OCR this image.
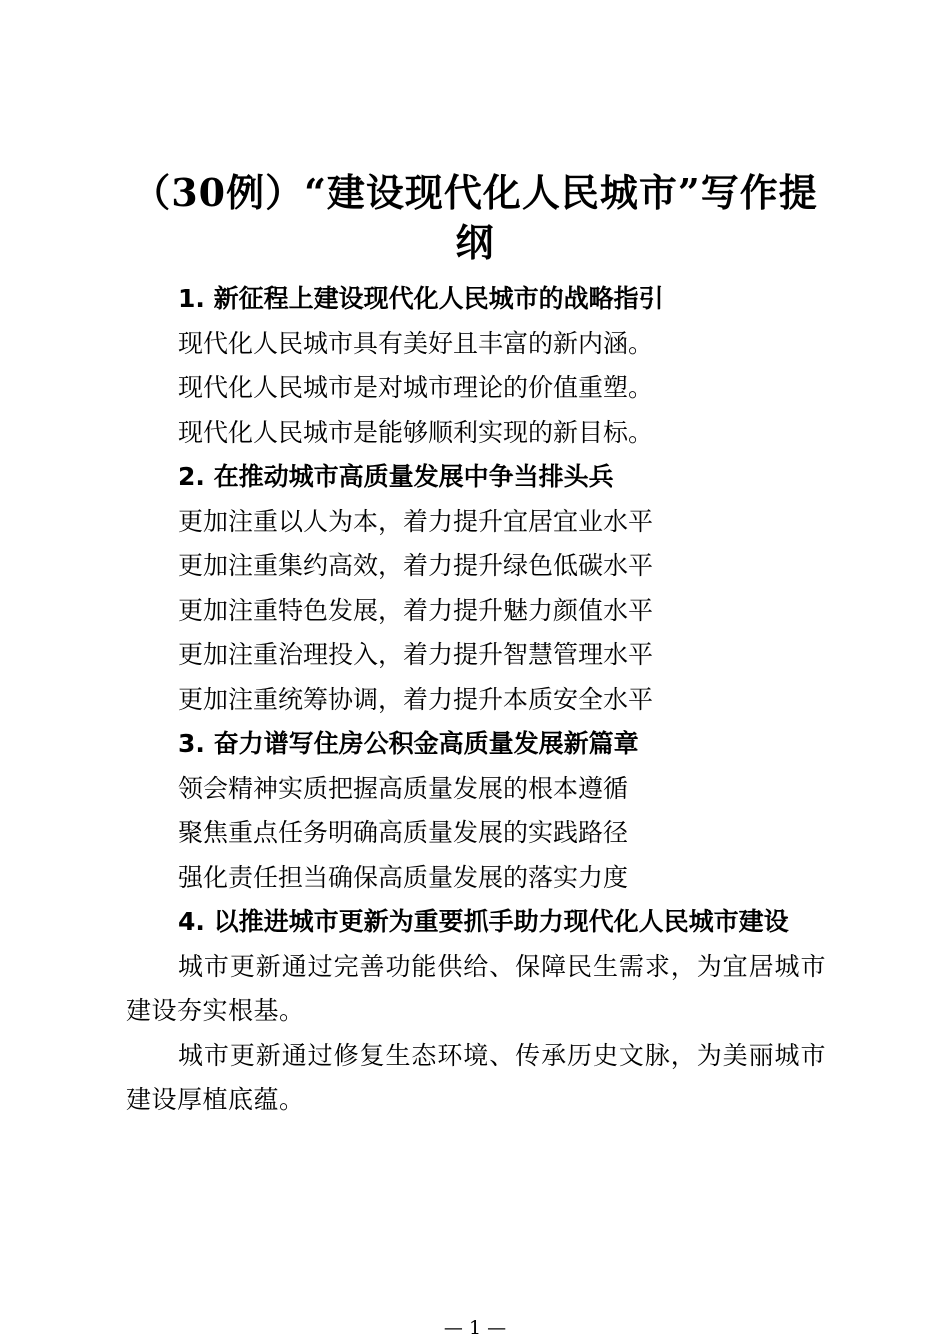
（30例）“建设现代化人民城市”写作提纲

1. 新征程上建设现代化人民城市的战略指引

现代化人民城市具有美好且丰富的新内涵。

现代化人民城市是对城市理论的价值重塑。

现代化人民城市是能够顺利实现的新目标。

2. 在推动城市高质量发展中争当排头兵

更加注重以人为本，着力提升宜居宜业水平

更加注重集约高效，着力提升绿色低碳水平

更加注重特色发展，着力提升魅力颜值水平

更加注重治理投入，着力提升智慧管理水平

更加注重统筹协调，着力提升本质安全水平

3. 奋力谱写住房公积金高质量发展新篇章

领会精神实质把握高质量发展的根本遵循

聚焦重点任务明确高质量发展的实践路径

强化责任担当确保高质量发展的落实力度

4. 以推进城市更新为重要抓手助力现代化人民城市建设

城市更新通过完善功能供给、保障民生需求，为宜居城市建设夯实根基。

城市更新通过修复生态环境、传承历史文脉，为美丽城市建设厚植底蕴。

— 1 —
